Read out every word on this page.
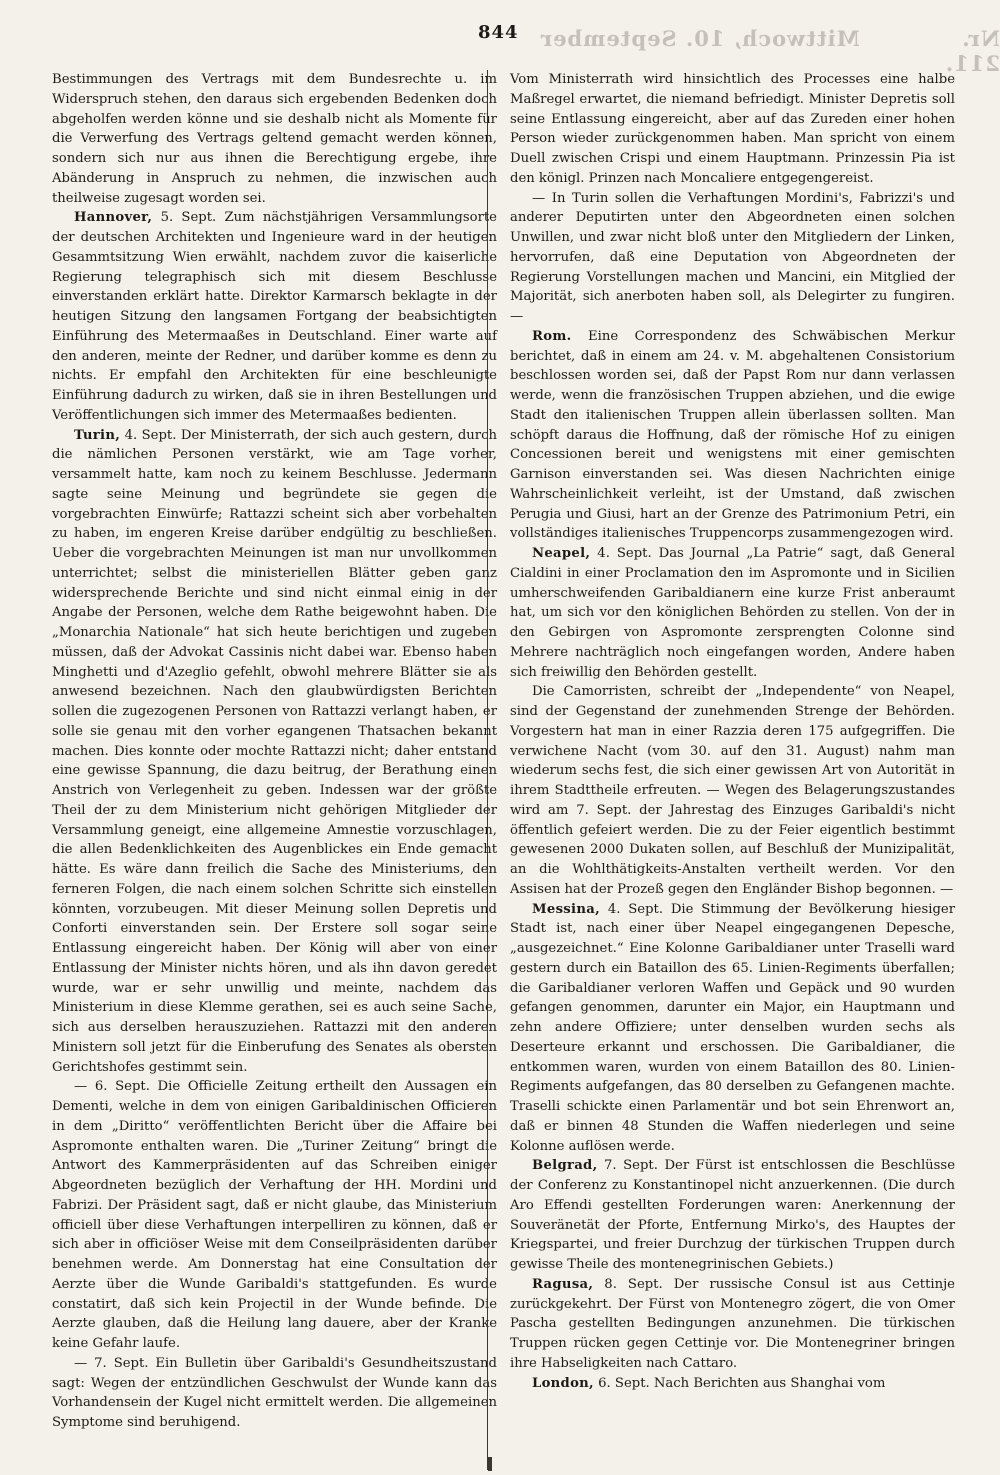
Mittwoch, 10. September
844	Nr. 211.

Bestimmungen des Vertrags mit dem Bundesrechte u. im Widerspruch stehen, den daraus sich ergebenden Bedenken doch abgeholfen werden könne und sie deshalb nicht als Momente für die Verwerfung des Vertrags geltend gemacht werden können, sondern sich nur aus ihnen die Berechtigung ergebe, ihre Abänderung in Anspruch zu nehmen, die inzwischen auch theilweise zugesagt worden sei.

Hannover, 5. Sept. Zum nächstjährigen Versammlungsorte der deutschen Architekten und Ingenieure ward in der heutigen Gesammtsitzung Wien erwählt, nachdem zuvor die kaiserliche Regierung telegraphisch sich mit diesem Beschlusse einverstanden erklärt hatte. Direktor Karmarsch beklagte in der heutigen Sitzung den langsamen Fortgang der beabsichtigten Einführung des Metermaaßes in Deutschland. Einer warte auf den anderen, meinte der Redner, und darüber komme es denn zu nichts. Er empfahl den Architekten für eine beschleunigte Einführung dadurch zu wirken, daß sie in ihren Bestellungen und Veröffentlichungen sich immer des Metermaaßes bedienten.

Turin, 4. Sept. Der Ministerrath, der sich auch gestern, durch die nämlichen Personen verstärkt, wie am Tage vorher, versammelt hatte, kam noch zu keinem Beschlusse. Jedermann sagte seine Meinung und begründete sie gegen die vorgebrachten Einwürfe; Rattazzi scheint sich aber vorbehalten zu haben, im engeren Kreise darüber endgültig zu beschließen. Ueber die vorgebrachten Meinungen ist man nur unvollkommen unterrichtet; selbst die ministeriellen Blätter geben ganz widersprechende Berichte und sind nicht einmal einig in der Angabe der Personen, welche dem Rathe beigewohnt haben. Die „Monarchia Nationale“ hat sich heute berichtigen und zugeben müssen, daß der Advokat Cassinis nicht dabei war. Ebenso haben Minghetti und d'Azeglio gefehlt, obwohl mehrere Blätter sie als anwesend bezeichnen. Nach den glaubwürdigsten Berichten sollen die zugezogenen Personen von Rattazzi verlangt haben, er solle sie genau mit den vorher egangenen Thatsachen bekannt machen. Dies konnte oder mochte Rattazzi nicht; daher entstand eine gewisse Spannung, die dazu beitrug, der Berathung einen Anstrich von Verlegenheit zu geben. Indessen war der größte Theil der zu dem Ministerium nicht gehörigen Mitglieder der Versammlung geneigt, eine allgemeine Amnestie vorzuschlagen, die allen Bedenklichkeiten des Augenblickes ein Ende gemacht hätte. Es wäre dann freilich die Sache des Ministeriums, den ferneren Folgen, die nach einem solchen Schritte sich einstellen könnten, vorzubeugen. Mit dieser Meinung sollen Depretis und Conforti einverstanden sein. Der Erstere soll sogar seine Entlassung eingereicht haben. Der König will aber von einer Entlassung der Minister nichts hören, und als ihn davon geredet wurde, war er sehr unwillig und meinte, nachdem das Ministerium in diese Klemme gerathen, sei es auch seine Sache, sich aus derselben herauszuziehen. Rattazzi mit den anderen Ministern soll jetzt für die Einberufung des Senates als obersten Gerichtshofes gestimmt sein.

— 6. Sept. Die Officielle Zeitung ertheilt den Aussagen ein Dementi, welche in dem von einigen Garibaldinischen Officieren in dem „Diritto“ veröffentlichten Bericht über die Affaire bei Aspromonte enthalten waren. Die „Turiner Zeitung“ bringt die Antwort des Kammerpräsidenten auf das Schreiben einiger Abgeordneten bezüglich der Verhaftung der HH. Mordini und Fabrizi. Der Präsident sagt, daß er nicht glaube, das Ministerium officiell über diese Verhaftungen interpelliren zu können, daß er sich aber in officiöser Weise mit dem Conseilpräsidenten darüber benehmen werde. Am Donnerstag hat eine Consultation der Aerzte über die Wunde Garibaldi's stattgefunden. Es wurde constatirt, daß sich kein Projectil in der Wunde befinde. Die Aerzte glauben, daß die Heilung lang dauere, aber der Kranke keine Gefahr laufe.

— 7. Sept. Ein Bulletin über Garibaldi's Gesundheitszustand sagt: Wegen der entzündlichen Geschwulst der Wunde kann das Vorhandensein der Kugel nicht ermittelt werden. Die allgemeinen Symptome sind beruhigend.

Vom Ministerrath wird hinsichtlich des Processes eine halbe Maßregel erwartet, die niemand befriedigt. Minister Depretis soll seine Entlassung eingereicht, aber auf das Zureden einer hohen Person wieder zurückgenommen haben. Man spricht von einem Duell zwischen Crispi und einem Hauptmann. Prinzessin Pia ist den königl. Prinzen nach Moncaliere entgegengereist.

— In Turin sollen die Verhaftungen Mordini's, Fabrizzi's und anderer Deputirten unter den Abgeordneten einen solchen Unwillen, und zwar nicht bloß unter den Mitgliedern der Linken, hervorrufen, daß eine Deputation von Abgeordneten der Regierung Vorstellungen machen und Mancini, ein Mitglied der Majorität, sich anerboten haben soll, als Delegirter zu fungiren. —

Rom. Eine Correspondenz des Schwäbischen Merkur berichtet, daß in einem am 24. v. M. abgehaltenen Consistorium beschlossen worden sei, daß der Papst Rom nur dann verlassen werde, wenn die französischen Truppen abziehen, und die ewige Stadt den italienischen Truppen allein überlassen sollten. Man schöpft daraus die Hoffnung, daß der römische Hof zu einigen Concessionen bereit und wenigstens mit einer gemischten Garnison einverstanden sei. Was diesen Nachrichten einige Wahrscheinlichkeit verleiht, ist der Umstand, daß zwischen Perugia und Giusi, hart an der Grenze des Patrimonium Petri, ein vollständiges italienisches Truppencorps zusammengezogen wird.

Neapel, 4. Sept. Das Journal „La Patrie“ sagt, daß General Cialdini in einer Proclamation den im Aspromonte und in Sicilien umherschweifenden Garibaldianern eine kurze Frist anberaumt hat, um sich vor den königlichen Behörden zu stellen. Von der in den Gebirgen von Aspromonte zersprengten Colonne sind Mehrere nachträglich noch eingefangen worden, Andere haben sich freiwillig den Behörden gestellt.

Die Camorristen, schreibt der „Independente“ von Neapel, sind der Gegenstand der zunehmenden Strenge der Behörden. Vorgestern hat man in einer Razzia deren 175 aufgegriffen. Die verwichene Nacht (vom 30. auf den 31. August) nahm man wiederum sechs fest, die sich einer gewissen Art von Autorität in ihrem Stadttheile erfreuten. — Wegen des Belagerungszustandes wird am 7. Sept. der Jahrestag des Einzuges Garibaldi's nicht öffentlich gefeiert werden. Die zu der Feier eigentlich bestimmt gewesenen 2000 Dukaten sollen, auf Beschluß der Munizipalität, an die Wohlthätigkeits-Anstalten vertheilt werden. Vor den Assisen hat der Prozeß gegen den Engländer Bishop begonnen. —

Messina, 4. Sept. Die Stimmung der Bevölkerung hiesiger Stadt ist, nach einer über Neapel eingegangenen Depesche, „ausgezeichnet.“ Eine Kolonne Garibaldianer unter Traselli ward gestern durch ein Bataillon des 65. Linien-Regiments überfallen; die Garibaldianer verloren Waffen und Gepäck und 90 wurden gefangen genommen, darunter ein Major, ein Hauptmann und zehn andere Offiziere; unter denselben wurden sechs als Deserteure erkannt und erschossen. Die Garibaldianer, die entkommen waren, wurden von einem Bataillon des 80. Linien-Regiments aufgefangen, das 80 derselben zu Gefangenen machte. Traselli schickte einen Parlamentär und bot sein Ehrenwort an, daß er binnen 48 Stunden die Waffen niederlegen und seine Kolonne auflösen werde.

Belgrad, 7. Sept. Der Fürst ist entschlossen die Beschlüsse der Conferenz zu Konstantinopel nicht anzuerkennen. (Die durch Aro Effendi gestellten Forderungen waren: Anerkennung der Souveränetät der Pforte, Entfernung Mirko's, des Hauptes der Kriegspartei, und freier Durchzug der türkischen Truppen durch gewisse Theile des montenegrinischen Gebiets.)

Ragusa, 8. Sept. Der russische Consul ist aus Cettinje zurückgekehrt. Der Fürst von Montenegro zögert, die von Omer Pascha gestellten Bedingungen anzunehmen. Die türkischen Truppen rücken gegen Cettinje vor. Die Montenegriner bringen ihre Habseligkeiten nach Cattaro.

London, 6. Sept. Nach Berichten aus Shanghai vom
